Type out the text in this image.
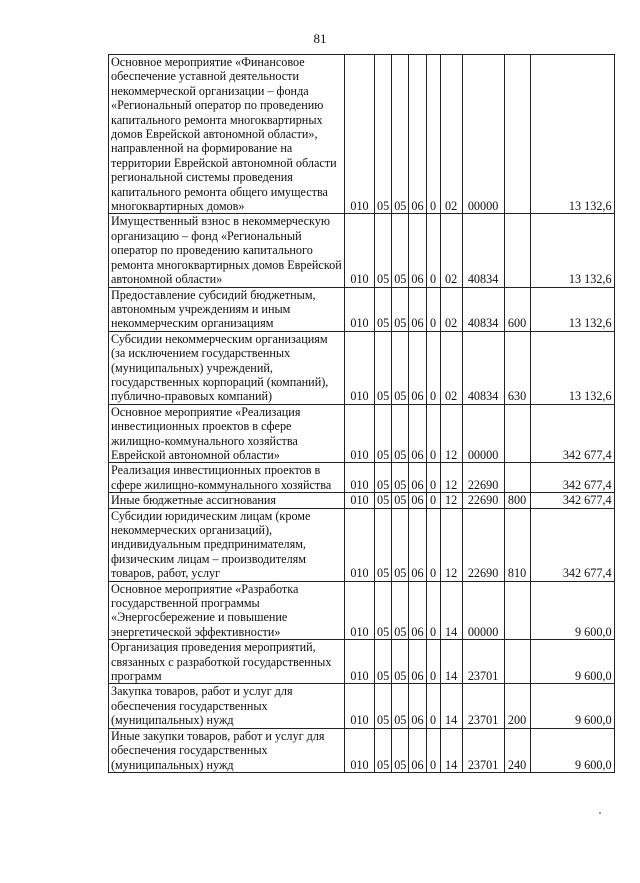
81
Основное мероприятие «Финансовое обеспечение уставной деятельности некоммерческой организации – фонда «Региональный оператор по проведению капитального ремонта многоквартирных домов Еврейской автономной области», направленной на формирование на территории Еврейской автономной области региональной системы проведения капитального ремонта общего имущества многоквартирных домов»	010	05	05	06	0	02	00000		13 132,6
Имущественный взнос в некоммерческую организацию – фонд «Региональный оператор по проведению капитального ремонта многоквартирных домов Еврейской автономной области»	010	05	05	06	0	02	40834		13 132,6
Предоставление субсидий бюджетным, автономным учреждениям и иным некоммерческим организациям	010	05	05	06	0	02	40834	600	13 132,6
Субсидии некоммерческим организациям (за исключением государственных (муниципальных) учреждений, государственных корпораций (компаний), публично-правовых компаний)	010	05	05	06	0	02	40834	630	13 132,6
Основное мероприятие «Реализация инвестиционных проектов в сфере жилищно-коммунального хозяйства Еврейской автономной области»	010	05	05	06	0	12	00000		342 677,4
Реализация инвестиционных проектов в сфере жилищно-коммунального хозяйства	010	05	05	06	0	12	22690		342 677,4
Иные бюджетные ассигнования	010	05	05	06	0	12	22690	800	342 677,4
Субсидии юридическим лицам (кроме некоммерческих организаций), индивидуальным предпринимателям, физическим лицам – производителям товаров, работ, услуг	010	05	05	06	0	12	22690	810	342 677,4
Основное мероприятие «Разработка государственной программы «Энергосбережение и повышение энергетической эффективности»	010	05	05	06	0	14	00000		9 600,0
Организация проведения мероприятий, связанных с разработкой государственных программ	010	05	05	06	0	14	23701		9 600,0
Закупка товаров, работ и услуг для обеспечения государственных (муниципальных) нужд	010	05	05	06	0	14	23701	200	9 600,0
Иные закупки товаров, работ и услуг для обеспечения государственных (муниципальных) нужд	010	05	05	06	0	14	23701	240	9 600,0
